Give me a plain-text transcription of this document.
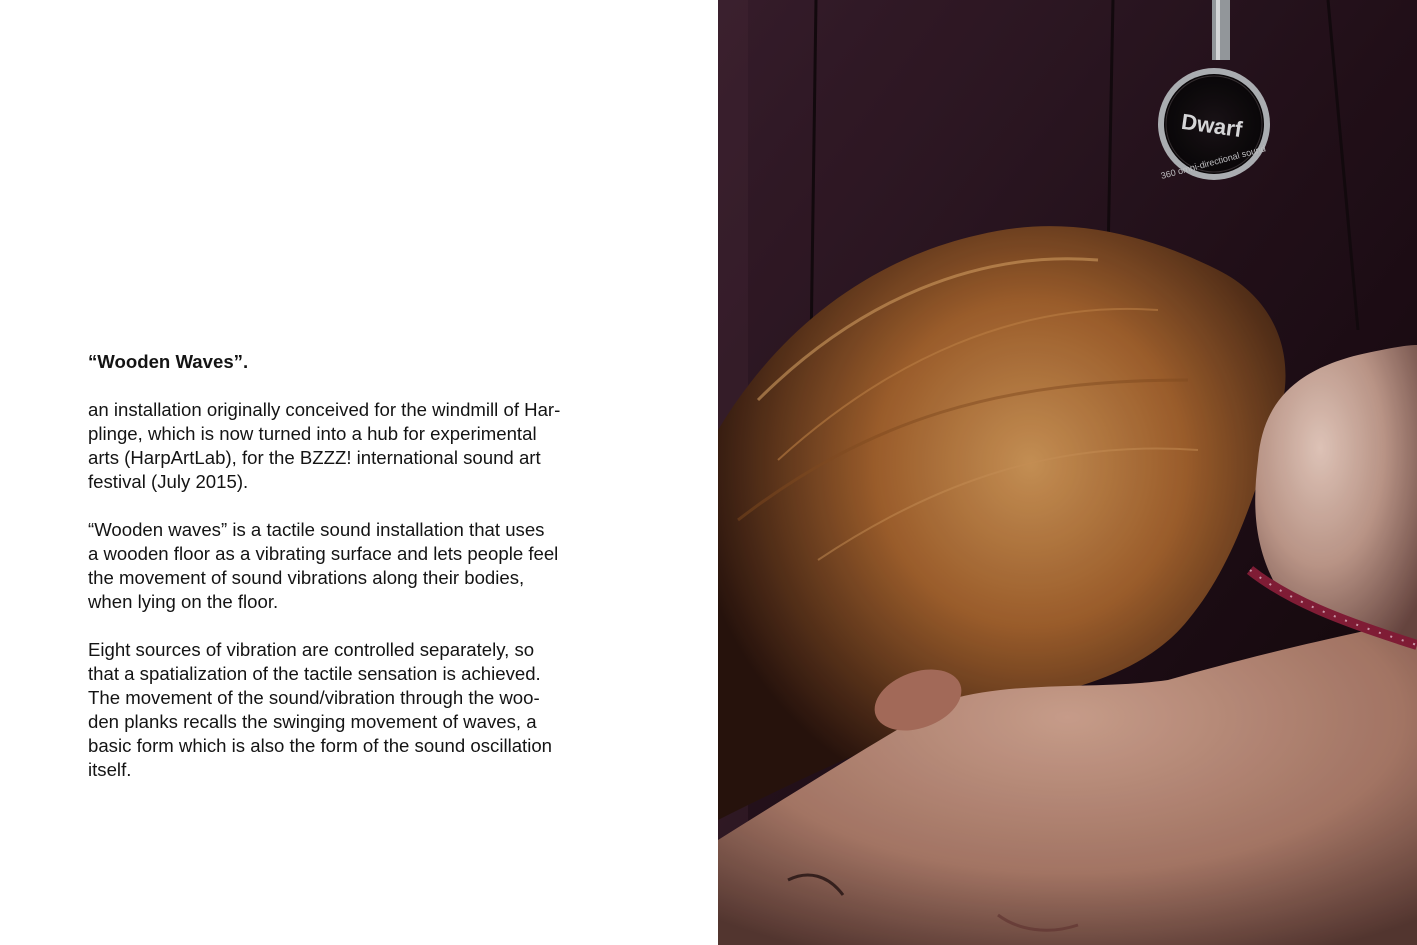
“Wooden Waves”.

an installation originally conceived for the windmill of Har-
plinge, which is now turned into a hub for experimental
arts (HarpArtLab), for the BZZZ! international sound art
festival (July 2015).

“Wooden waves” is a tactile sound installation that uses
a wooden floor as a vibrating surface and lets people feel
the movement of sound vibrations along their bodies,
when lying on the floor.

Eight sources of vibration are controlled separately, so
that a spatialization of the tactile sensation is achieved.
The movement of the sound/vibration through the woo-
den planks recalls the swinging movement of waves, a
basic form which is also the form of the sound oscillation
itself.

Dwarf
360 omni-directional sound
